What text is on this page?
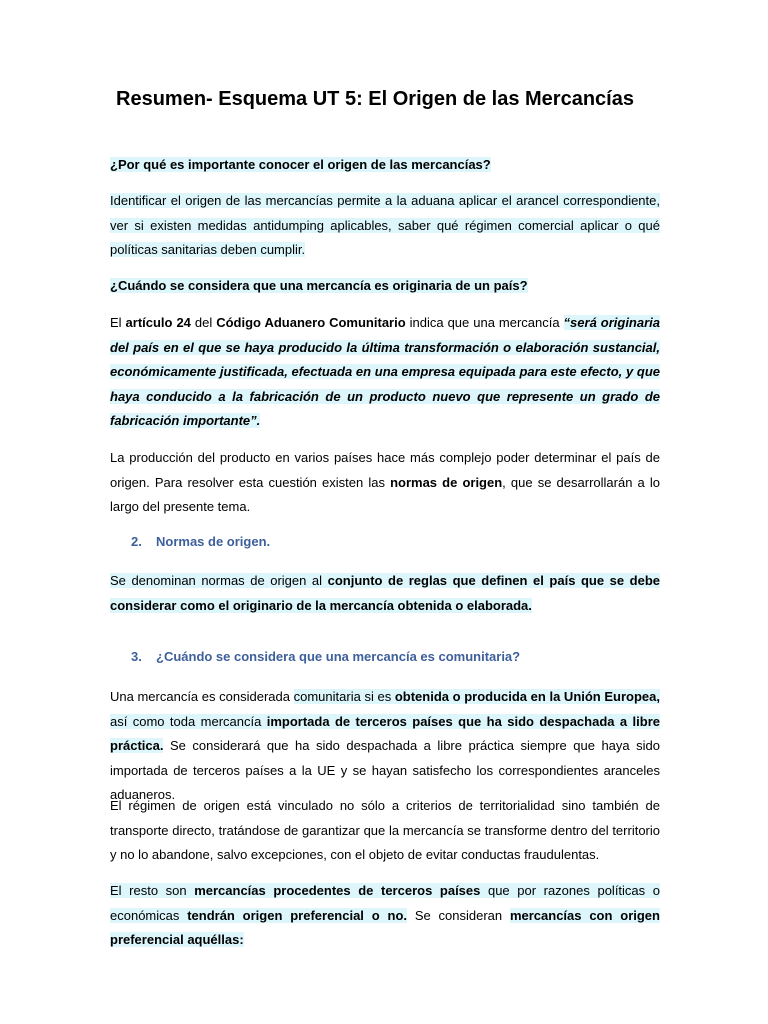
Resumen- Esquema UT 5: El Origen de las Mercancías

¿Por qué es importante conocer el origen de las mercancías?

Identificar el origen de las mercancías permite a la aduana aplicar el arancel correspondiente, ver si existen medidas antidumping aplicables, saber qué régimen comercial aplicar o qué políticas sanitarias deben cumplir.

¿Cuándo se considera que una mercancía es originaria de un país?

El artículo 24 del Código Aduanero Comunitario indica que una mercancía “será originaria del país en el que se haya producido la última transformación o elaboración sustancial, económicamente justificada, efectuada en una empresa equipada para este efecto, y que haya conducido a la fabricación de un producto nuevo que represente un grado de fabricación importante”.

La producción del producto en varios países hace más complejo poder determinar el país de origen. Para resolver esta cuestión existen las normas de origen, que se desarrollarán a lo largo del presente tema.

2. Normas de origen.

Se denominan normas de origen al conjunto de reglas que definen el país que se debe considerar como el originario de la mercancía obtenida o elaborada.

3. ¿Cuándo se considera que una mercancía es comunitaria?

Una mercancía es considerada comunitaria si es obtenida o producida en la Unión Europea, así como toda mercancía importada de terceros países que ha sido despachada a libre práctica. Se considerará que ha sido despachada a libre práctica siempre que haya sido importada de terceros países a la UE y se hayan satisfecho los correspondientes aranceles aduaneros.

El régimen de origen está vinculado no sólo a criterios de territorialidad sino también de transporte directo, tratándose de garantizar que la mercancía se transforme dentro del territorio y no lo abandone, salvo excepciones, con el objeto de evitar conductas fraudulentas.

El resto son mercancías procedentes de terceros países que por razones políticas o económicas tendrán origen preferencial o no. Se consideran mercancías con origen preferencial aquéllas:
